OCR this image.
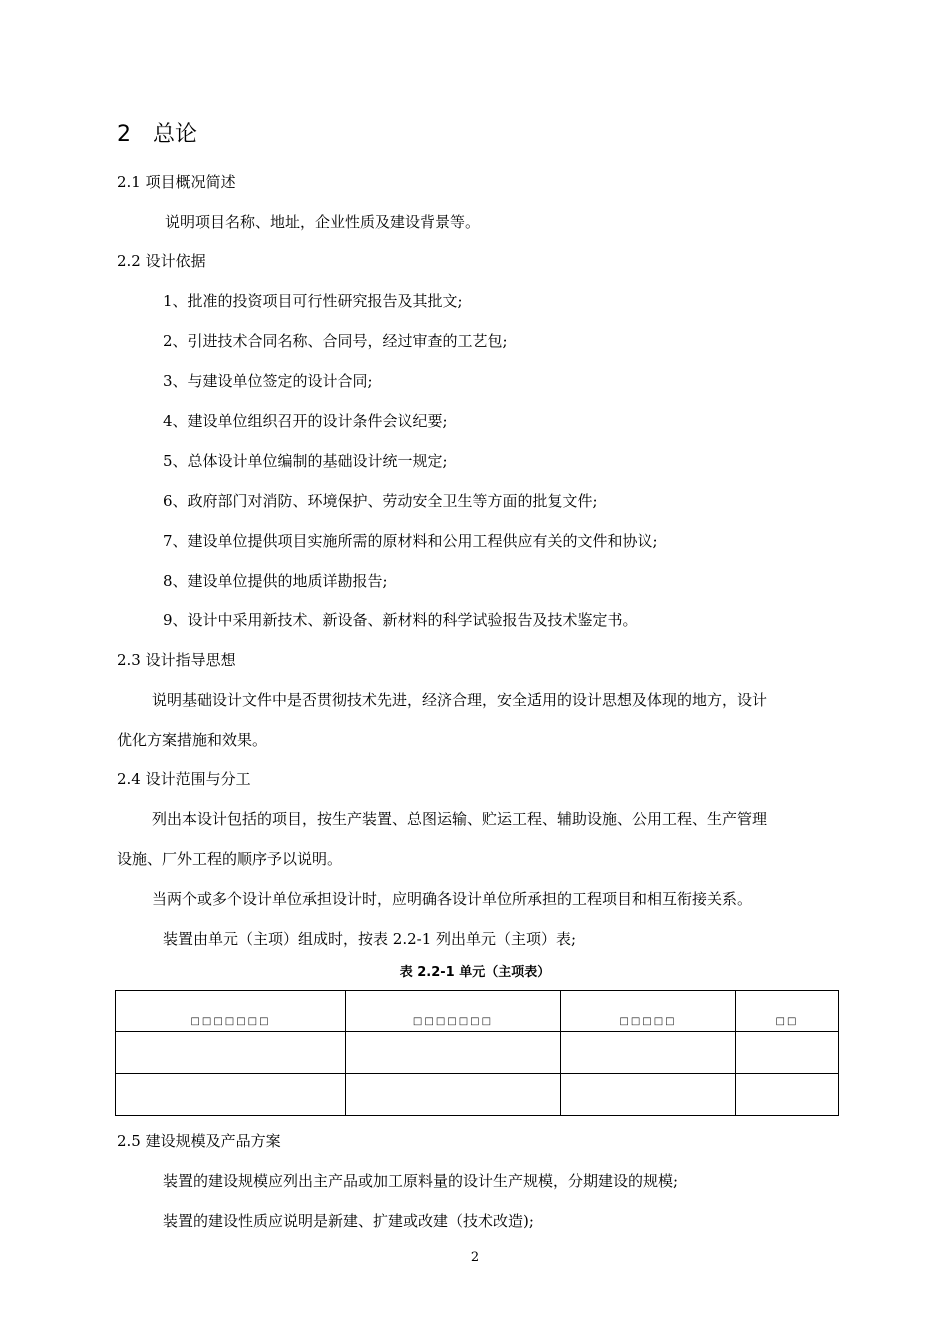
2 总论
2.1 项目概况简述
说明项目名称、地址，企业性质及建设背景等。
2.2 设计依据
1、批准的投资项目可行性研究报告及其批文;
2、引进技术合同名称、合同号，经过审查的工艺包;
3、与建设单位签定的设计合同;
4、建设单位组织召开的设计条件会议纪要;
5、总体设计单位编制的基础设计统一规定;
6、政府部门对消防、环境保护、劳动安全卫生等方面的批复文件;
7、建设单位提供项目实施所需的原材料和公用工程供应有关的文件和协议;
8、建设单位提供的地质详勘报告;
9、设计中采用新技术、新设备、新材料的科学试验报告及技术鉴定书。
2.3 设计指导思想
说明基础设计文件中是否贯彻技术先进，经济合理，安全适用的设计思想及体现的地方，设计
优化方案措施和效果。
2.4 设计范围与分工
列出本设计包括的项目，按生产装置、总图运输、贮运工程、辅助设施、公用工程、生产管理
设施、厂外工程的顺序予以说明。
当两个或多个设计单位承担设计时，应明确各设计单位所承担的工程项目和相互衔接关系。
装置由单元（主项）组成时，按表 2.2-1 列出单元（主项）表;
表 2.2-1 单元（主项表）
□□□□□□□	□□□□□□□	□□□□□	□□

2.5 建设规模及产品方案
装置的建设规模应列出主产品或加工原料量的设计生产规模，分期建设的规模;
装置的建设性质应说明是新建、扩建或改建（技术改造);
2
